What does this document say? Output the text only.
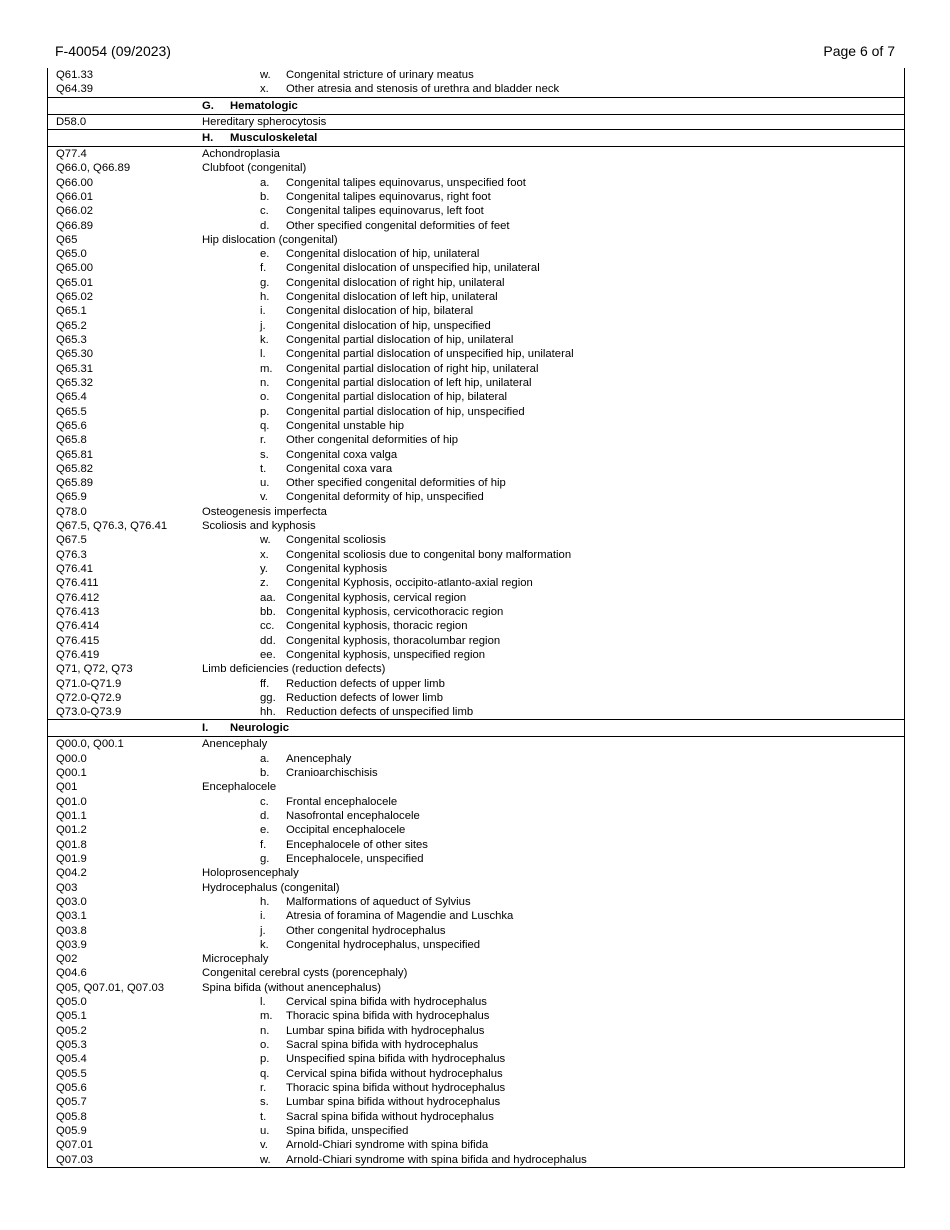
F-40054 (09/2023)	Page 6 of 7
Q61.33	w. Congenital stricture of urinary meatus
Q64.39	x. Other atresia and stenosis of urethra and bladder neck
G. Hematologic
D58.0	Hereditary spherocytosis
H. Musculoskeletal
Q77.4	Achondroplasia
Q66.0, Q66.89	Clubfoot (congenital)
Q66.00	a. Congenital talipes equinovarus, unspecified foot
Q66.01	b. Congenital talipes equinovarus, right foot
Q66.02	c. Congenital talipes equinovarus, left foot
Q66.89	d. Other specified congenital deformities of feet
Q65	Hip dislocation (congenital)
Q65.0	e. Congenital dislocation of hip, unilateral
Q65.00	f. Congenital dislocation of unspecified hip, unilateral
Q65.01	g. Congenital dislocation of right hip, unilateral
Q65.02	h. Congenital dislocation of left hip, unilateral
Q65.1	i. Congenital dislocation of hip, bilateral
Q65.2	j. Congenital dislocation of hip, unspecified
Q65.3	k. Congenital partial dislocation of hip, unilateral
Q65.30	l. Congenital partial dislocation of unspecified hip, unilateral
Q65.31	m. Congenital partial dislocation of right hip, unilateral
Q65.32	n. Congenital partial dislocation of left hip, unilateral
Q65.4	o. Congenital partial dislocation of hip, bilateral
Q65.5	p. Congenital partial dislocation of hip, unspecified
Q65.6	q. Congenital unstable hip
Q65.8	r. Other congenital deformities of hip
Q65.81	s. Congenital coxa valga
Q65.82	t. Congenital coxa vara
Q65.89	u. Other specified congenital deformities of hip
Q65.9	v. Congenital deformity of hip, unspecified
Q78.0	Osteogenesis imperfecta
Q67.5, Q76.3, Q76.41	Scoliosis and kyphosis
Q67.5	w. Congenital scoliosis
Q76.3	x. Congenital scoliosis due to congenital bony malformation
Q76.41	y. Congenital kyphosis
Q76.411	z. Congenital Kyphosis, occipito-atlanto-axial region
Q76.412	aa. Congenital kyphosis, cervical region
Q76.413	bb. Congenital kyphosis, cervicothoracic region
Q76.414	cc. Congenital kyphosis, thoracic region
Q76.415	dd. Congenital kyphosis, thoracolumbar region
Q76.419	ee. Congenital kyphosis, unspecified region
Q71, Q72, Q73	Limb deficiencies (reduction defects)
Q71.0-Q71.9	ff. Reduction defects of upper limb
Q72.0-Q72.9	gg. Reduction defects of lower limb
Q73.0-Q73.9	hh. Reduction defects of unspecified limb
I. Neurologic
Q00.0, Q00.1	Anencephaly
Q00.0	a. Anencephaly
Q00.1	b. Cranioarchischisis
Q01	Encephalocele
Q01.0	c. Frontal encephalocele
Q01.1	d. Nasofrontal encephalocele
Q01.2	e. Occipital encephalocele
Q01.8	f. Encephalocele of other sites
Q01.9	g. Encephalocele, unspecified
Q04.2	Holoprosencephaly
Q03	Hydrocephalus (congenital)
Q03.0	h. Malformations of aqueduct of Sylvius
Q03.1	i. Atresia of foramina of Magendie and Luschka
Q03.8	j. Other congenital hydrocephalus
Q03.9	k. Congenital hydrocephalus, unspecified
Q02	Microcephaly
Q04.6	Congenital cerebral cysts (porencephaly)
Q05, Q07.01, Q07.03	Spina bifida (without anencephalus)
Q05.0	l. Cervical spina bifida with hydrocephalus
Q05.1	m. Thoracic spina bifida with hydrocephalus
Q05.2	n. Lumbar spina bifida with hydrocephalus
Q05.3	o. Sacral spina bifida with hydrocephalus
Q05.4	p. Unspecified spina bifida with hydrocephalus
Q05.5	q. Cervical spina bifida without hydrocephalus
Q05.6	r. Thoracic spina bifida without hydrocephalus
Q05.7	s. Lumbar spina bifida without hydrocephalus
Q05.8	t. Sacral spina bifida without hydrocephalus
Q05.9	u. Spina bifida, unspecified
Q07.01	v. Arnold-Chiari syndrome with spina bifida
Q07.03	w. Arnold-Chiari syndrome with spina bifida and hydrocephalus
